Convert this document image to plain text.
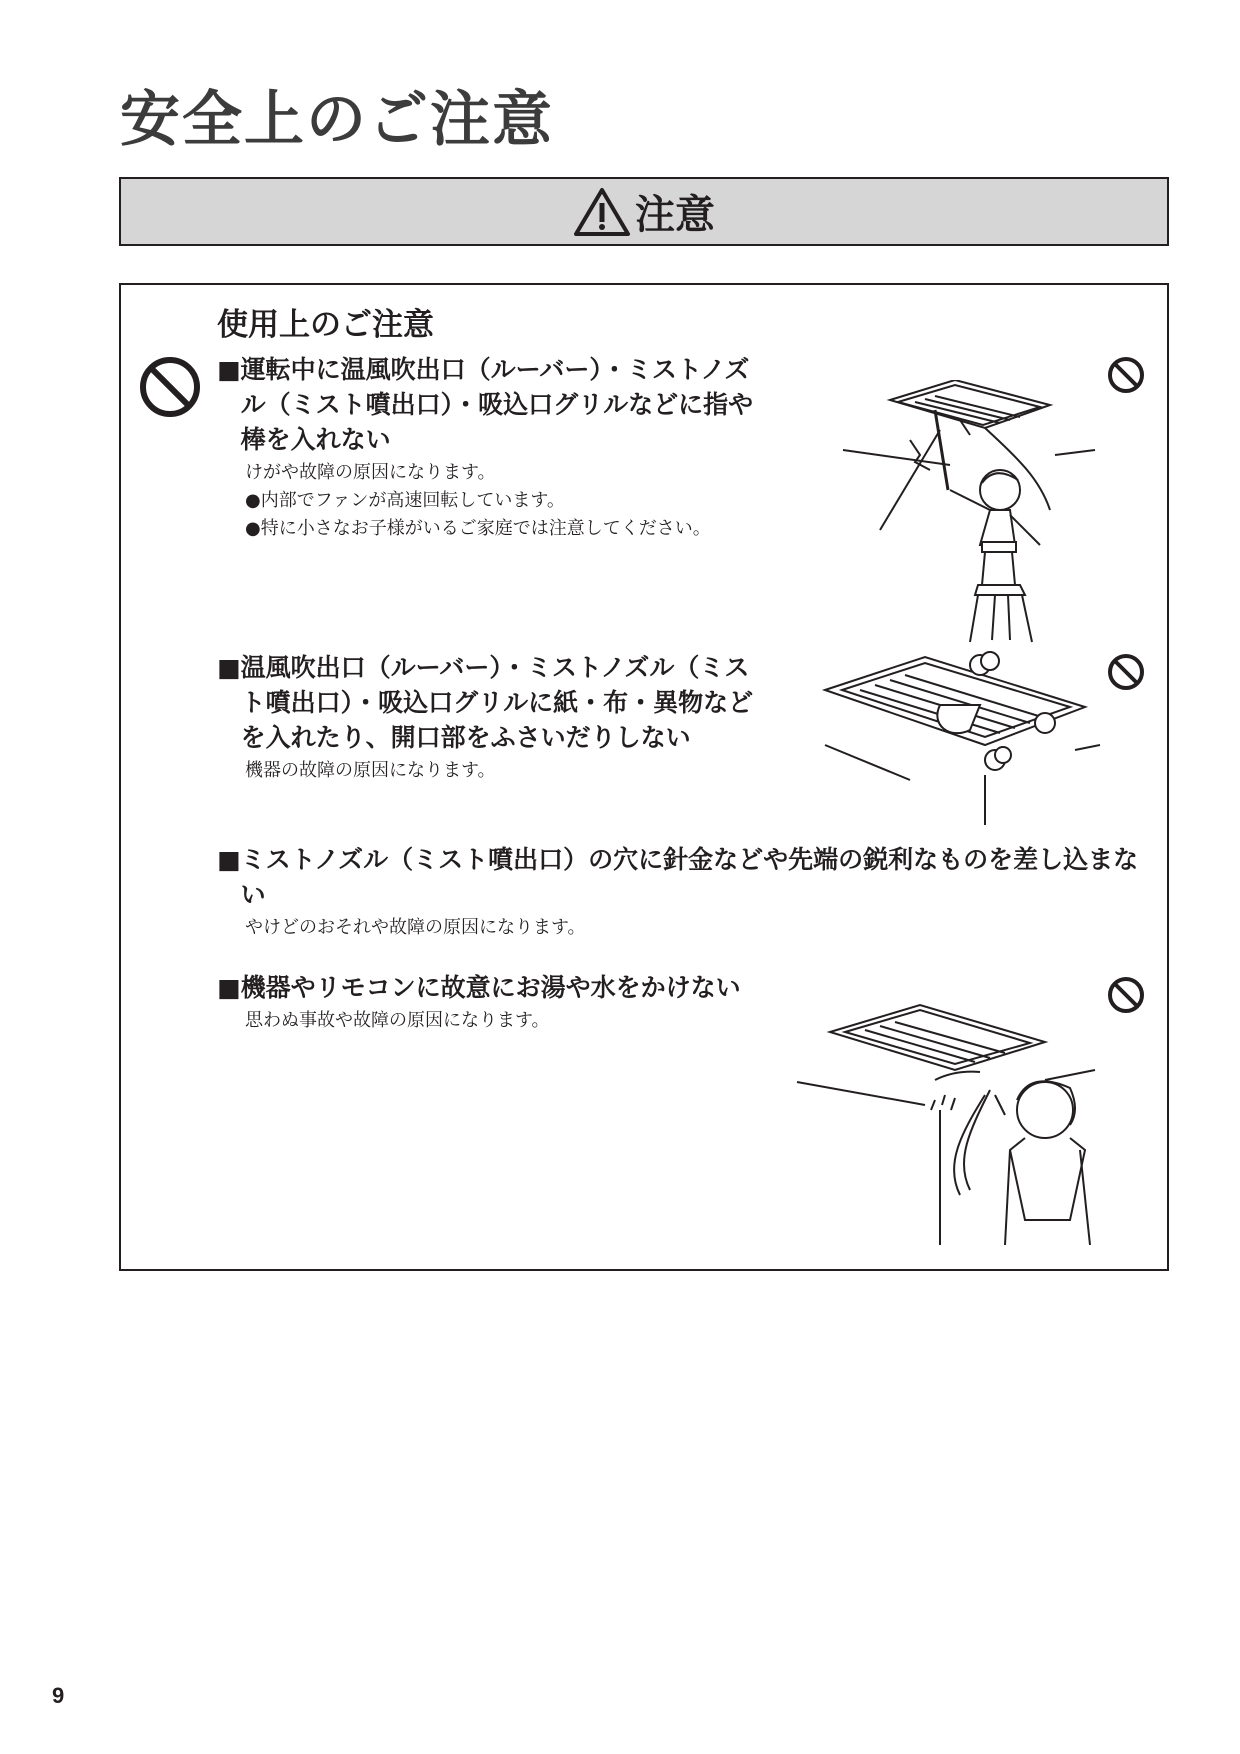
安全上のご注意
注意
使用上のご注意

■ 運転中に温風吹出口（ルーバー）・ミストノズル（ミスト噴出口）・吸込口グリルなどに指や棒を入れない

けがや故障の原因になります。

●内部でファンが高速回転しています。

●特に小さなお子様がいるご家庭では注意してください。

■ 温風吹出口（ルーバー）・ミストノズル（ミスト噴出口）・吸込口グリルに紙・布・異物などを入れたり、開口部をふさいだりしない

機器の故障の原因になります。

■ ミストノズル（ミスト噴出口）の穴に針金などや先端の鋭利なものを差し込まない

やけどのおそれや故障の原因になります。

■ 機器やリモコンに故意にお湯や水をかけない

思わぬ事故や故障の原因になります。

9
